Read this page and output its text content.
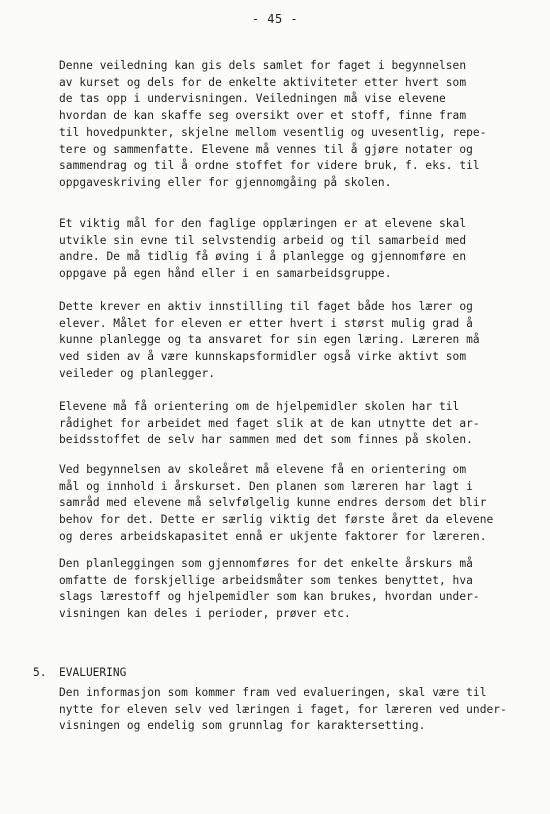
- 45 -
Denne veiledning kan gis dels samlet for faget i begynnelsen
av kurset og dels for de enkelte aktiviteter etter hvert som
de tas opp i undervisningen. Veiledningen må vise elevene
hvordan de kan skaffe seg oversikt over et stoff, finne fram
til hovedpunkter, skjelne mellom vesentlig og uvesentlig, repe-
tere og sammenfatte. Elevene må vennes til å gjøre notater og
sammendrag og til å ordne stoffet for videre bruk, f. eks. til
oppgaveskriving eller for gjennomgåing på skolen.
Et viktig mål for den faglige opplæringen er at elevene skal
utvikle sin evne til selvstendig arbeid og til samarbeid med
andre. De må tidlig få øving i å planlegge og gjennomføre en
oppgave på egen hånd eller i en samarbeidsgruppe.
Dette krever en aktiv innstilling til faget både hos lærer og
elever. Målet for eleven er etter hvert i størst mulig grad å
kunne planlegge og ta ansvaret for sin egen læring. Læreren må
ved siden av å være kunnskapsformidler også virke aktivt som
veileder og planlegger.
Elevene må få orientering om de hjelpemidler skolen har til
rådighet for arbeidet med faget slik at de kan utnytte det ar-
beidsstoffet de selv har sammen med det som finnes på skolen.
Ved begynnelsen av skoleåret må elevene få en orientering om
mål og innhold i årskurset. Den planen som læreren har lagt i
samråd med elevene må selvfølgelig kunne endres dersom det blir
behov for det. Dette er særlig viktig det første året da elevene
og deres arbeidskapasitet ennå er ukjente faktorer for læreren.
Den planleggingen som gjennomføres for det enkelte årskurs må
omfatte de forskjellige arbeidsmåter som tenkes benyttet, hva
slags lærestoff og hjelpemidler som kan brukes, hvordan under-
visningen kan deles i perioder, prøver etc.
5. EVALUERING
Den informasjon som kommer fram ved evalueringen, skal være til
nytte for eleven selv ved læringen i faget, for læreren ved under-
visningen og endelig som grunnlag for karaktersetting.
